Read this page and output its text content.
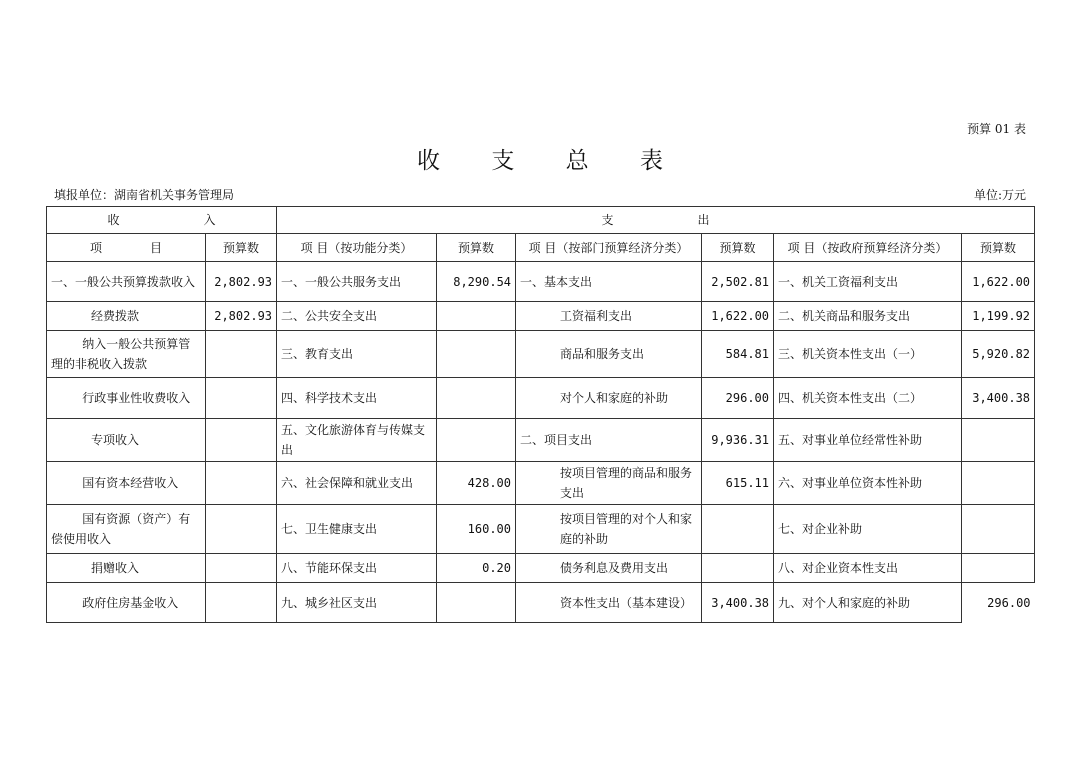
预算 01 表
收 支 总 表
填报单位：湖南省机关事务管理局	单位:万元
收　　　　　　　入		支　　　　　　　出					
项　　　　目	预算数	项 目（按功能分类）	预算数	项 目（按部门预算经济分类）	预算数	项 目（按政府预算经济分类）	预算数
一、一般公共预算拨款收入	2,802.93	一、一般公共服务支出	8,290.54	一、基本支出	2,502.81	一、机关工资福利支出	1,622.00
经费拨款	2,802.93	二、公共安全支出		工资福利支出	1,622.00	二、机关商品和服务支出	1,199.92
纳入一般公共预算管理的非税收入拨款		三、教育支出		商品和服务支出	584.81	三、机关资本性支出（一）	5,920.82
行政事业性收费收入		四、科学技术支出		对个人和家庭的补助	296.00	四、机关资本性支出（二）	3,400.38
专项收入		五、文化旅游体育与传媒支出		二、项目支出	9,936.31	五、对事业单位经常性补助	
国有资本经营收入		六、社会保障和就业支出	428.00	按项目管理的商品和服务支出	615.11	六、对事业单位资本性补助	
国有资源（资产）有偿使用收入		七、卫生健康支出	160.00	按项目管理的对个人和家庭的补助		七、对企业补助	
捐赠收入		八、节能环保支出	0.20	债务利息及费用支出		八、对企业资本性支出	
政府住房基金收入		九、城乡社区支出		资本性支出（基本建设）	3,400.38	九、对个人和家庭的补助	296.00
